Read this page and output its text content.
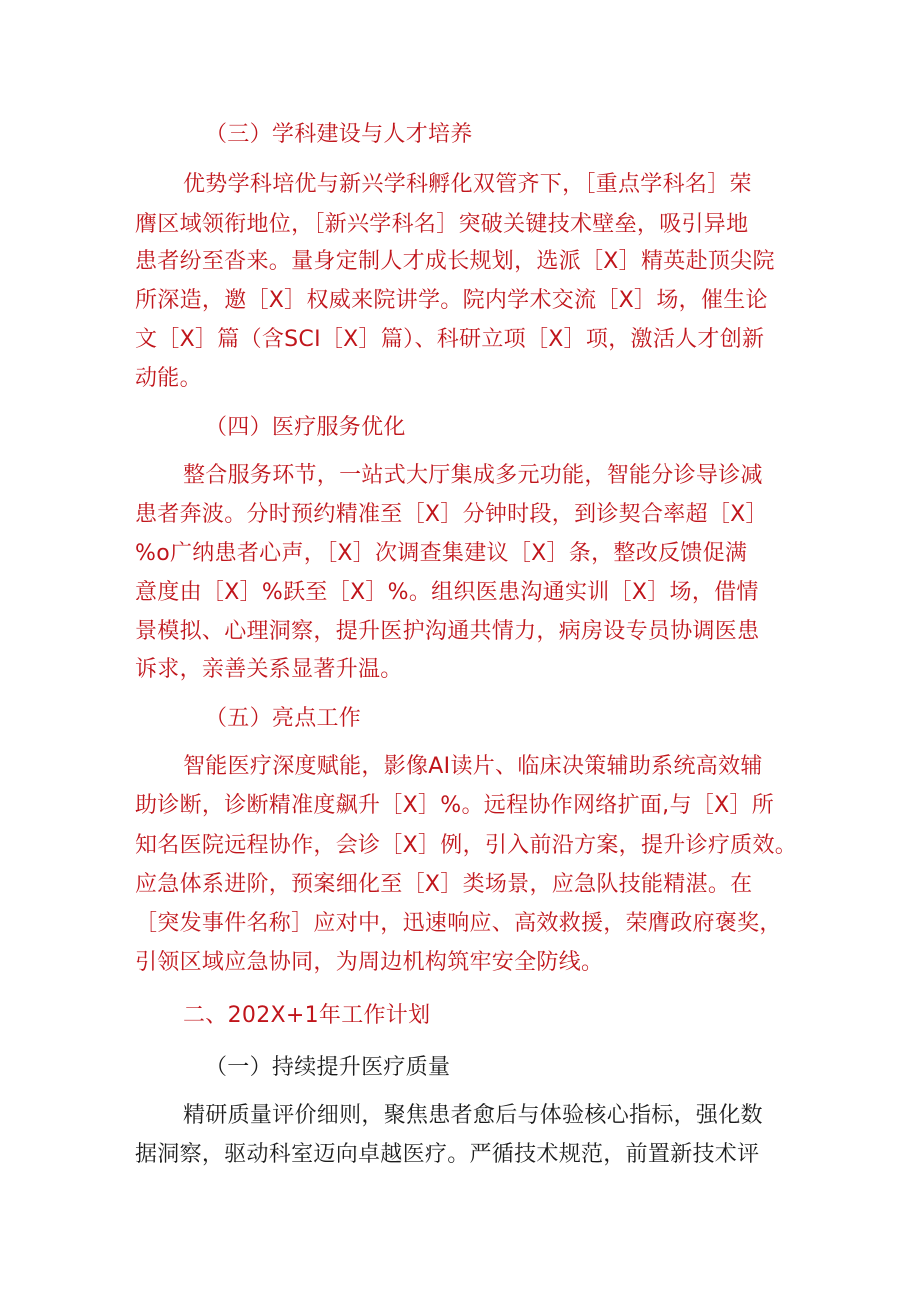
（三）学科建设与人才培养
优势学科培优与新兴学科孵化双管齐下，［重点学科名］荣
膺区域领衔地位，［新兴学科名］突破关键技术壁垒，吸引异地
患者纷至沓来。量身定制人才成长规划，选派［X］精英赴顶尖院
所深造，邀［X］权威来院讲学。院内学术交流［X］场，催生论
文［X］篇（含SCI［X］篇）、科研立项［X］项，激活人才创新
动能。
（四）医疗服务优化
整合服务环节，一站式大厅集成多元功能，智能分诊导诊减
患者奔波。分时预约精准至［X］分钟时段，到诊契合率超［X］
%o广纳患者心声，［X］次调查集建议［X］条，整改反馈促满
意度由［X］%跃至［X］%。组织医患沟通实训［X］场，借情
景模拟、心理洞察，提升医护沟通共情力，病房设专员协调医患
诉求，亲善关系显著升温。
（五）亮点工作
智能医疗深度赋能，影像AI读片、临床决策辅助系统高效辅
助诊断，诊断精准度飙升［X］%。远程协作网络扩面,与［X］所
知名医院远程协作，会诊［X］例，引入前沿方案，提升诊疗质效。
应急体系进阶，预案细化至［X］类场景，应急队技能精湛。在
［突发事件名称］应对中，迅速响应、高效救援，荣膺政府褒奖，
引领区域应急协同，为周边机构筑牢安全防线。
二、202X+1年工作计划
（一）持续提升医疗质量
精研质量评价细则，聚焦患者愈后与体验核心指标，强化数
据洞察，驱动科室迈向卓越医疗。严循技术规范，前置新技术评
